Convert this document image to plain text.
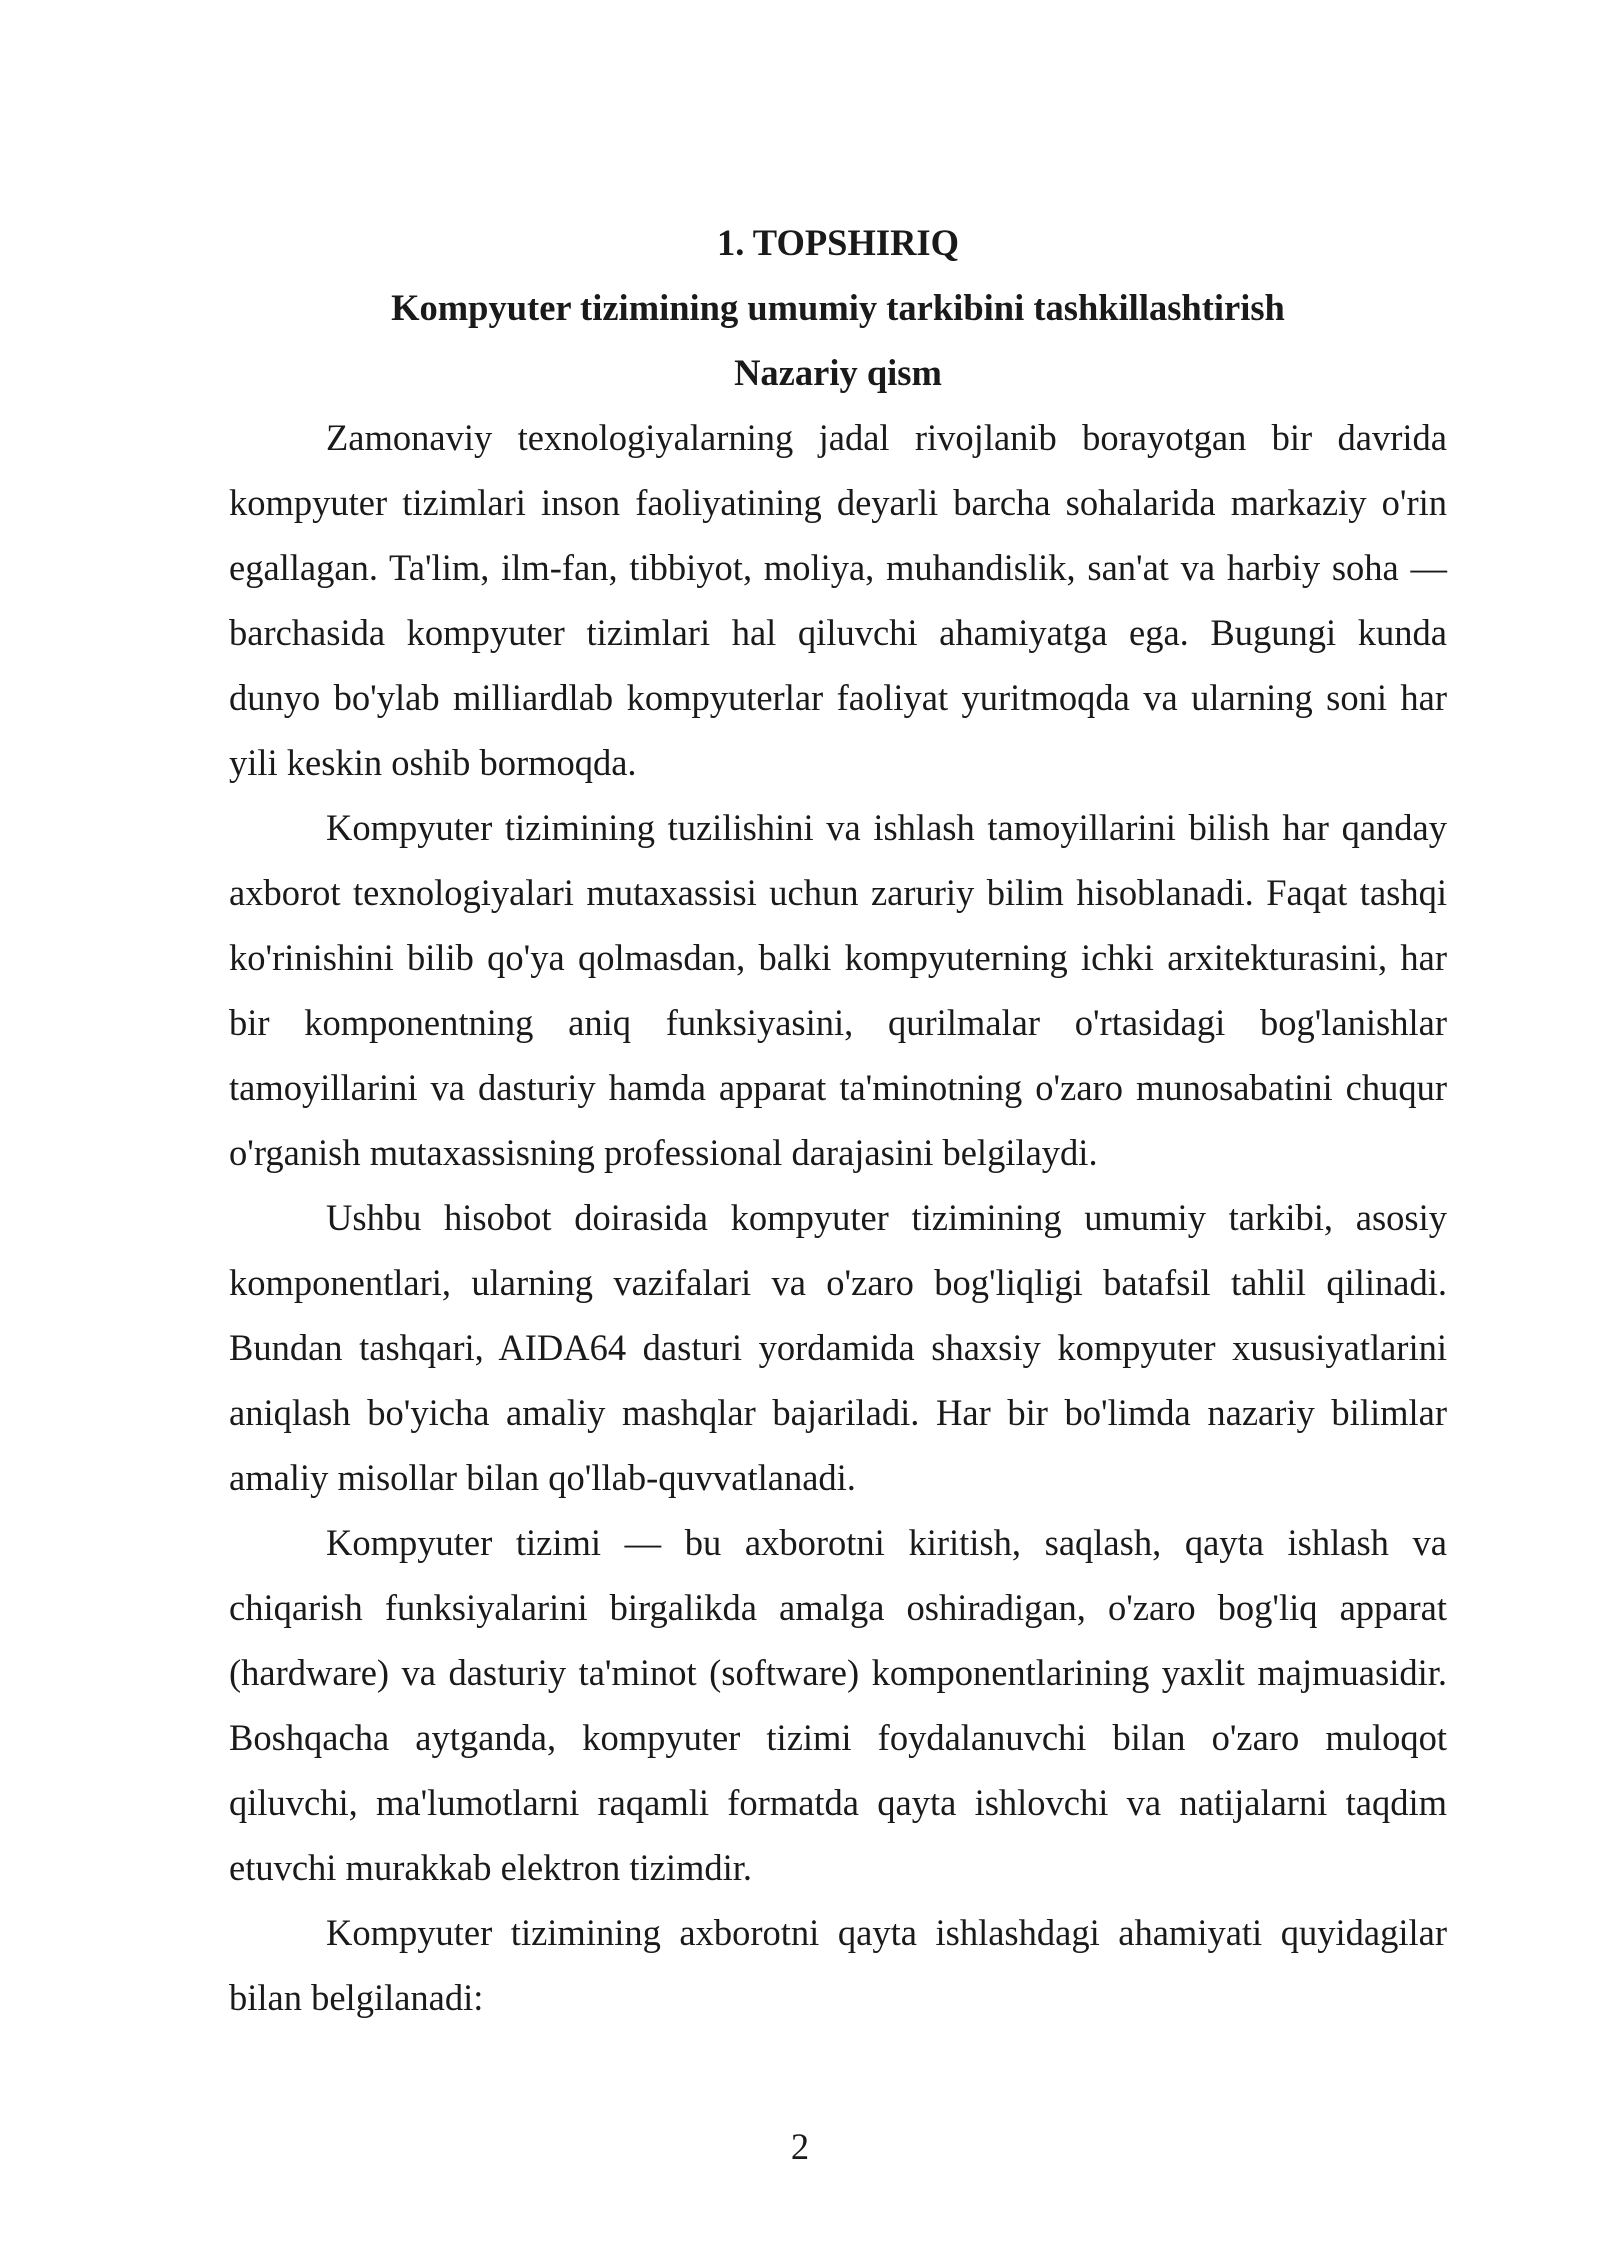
1. TOPSHIRIQ
Kompyuter tizimining umumiy tarkibini tashkillashtirish
Nazariy qism

Zamonaviy texnologiyalarning jadal rivojlanib borayotgan bir davrida kompyuter tizimlari inson faoliyatining deyarli barcha sohalarida markaziy o'rin egallagan. Ta'lim, ilm-fan, tibbiyot, moliya, muhandislik, san'at va harbiy soha — barchasida kompyuter tizimlari hal qiluvchi ahamiyatga ega. Bugungi kunda dunyo bo'ylab milliardlab kompyuterlar faoliyat yuritmoqda va ularning soni har yili keskin oshib bormoqda.

Kompyuter tizimining tuzilishini va ishlash tamoyillarini bilish har qanday axborot texnologiyalari mutaxassisi uchun zaruriy bilim hisoblanadi. Faqat tashqi ko'rinishini bilib qo'ya qolmasdan, balki kompyuterning ichki arxitekturasini, har bir komponentning aniq funksiyasini, qurilmalar o'rtasidagi bog'lanishlar tamoyillarini va dasturiy hamda apparat ta'minotning o'zaro munosabatini chuqur o'rganish mutaxassisning professional darajasini belgilaydi.

Ushbu hisobot doirasida kompyuter tizimining umumiy tarkibi, asosiy komponentlari, ularning vazifalari va o'zaro bog'liqligi batafsil tahlil qilinadi. Bundan tashqari, AIDA64 dasturi yordamida shaxsiy kompyuter xususiyatlarini aniqlash bo'yicha amaliy mashqlar bajariladi. Har bir bo'limda nazariy bilimlar amaliy misollar bilan qo'llab-quvvatlanadi.

Kompyuter tizimi — bu axborotni kiritish, saqlash, qayta ishlash va chiqarish funksiyalarini birgalikda amalga oshiradigan, o'zaro bog'liq apparat (hardware) va dasturiy ta'minot (software) komponentlarining yaxlit majmuasidir. Boshqacha aytganda, kompyuter tizimi foydalanuvchi bilan o'zaro muloqot qiluvchi, ma'lumotlarni raqamli formatda qayta ishlovchi va natijalarni taqdim etuvchi murakkab elektron tizimdir.

Kompyuter tizimining axborotni qayta ishlashdagi ahamiyati quyidagilar bilan belgilanadi:

2
